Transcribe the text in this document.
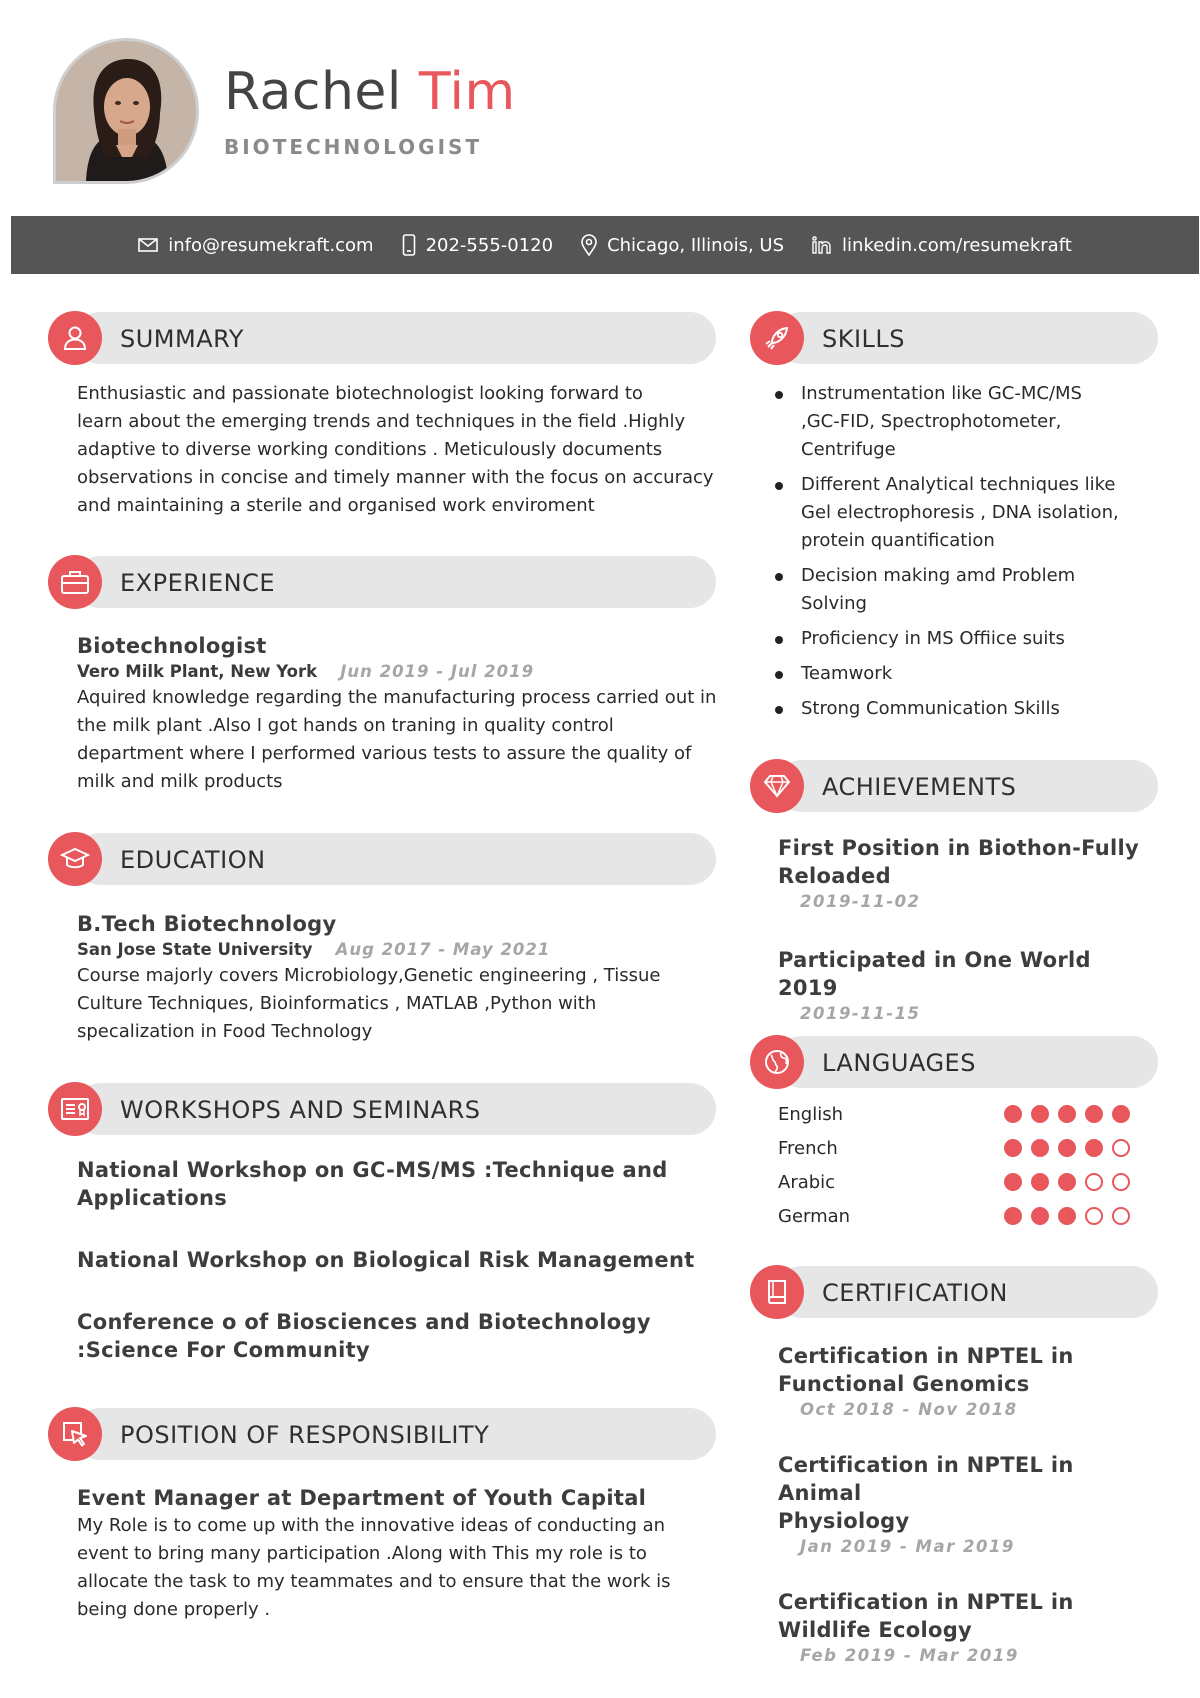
Rachel Tim
BIOTECHNOLOGIST
info@resumekraft.com	202-555-0120	Chicago, Illinois, US	linkedin.com/resumekraft
SUMMARY
Enthusiastic and passionate biotechnologist looking forward to
learn about the emerging trends and techniques in the field .Highly
adaptive to diverse working conditions . Meticulously documents
observations in concise and timely manner with the focus on accuracy
and maintaining a sterile and organised work enviroment
EXPERIENCE
Biotechnologist
Vero Milk Plant, New York Jun 2019 - Jul 2019
Aquired knowledge regarding the manufacturing process carried out in
the milk plant .Also I got hands on traning in quality control
department where I performed various tests to assure the quality of
milk and milk products
EDUCATION
B.Tech Biotechnology
San Jose State University Aug 2017 - May 2021
Course majorly covers Microbiology,Genetic engineering , Tissue
Culture Techniques, Bioinformatics , MATLAB ,Python with
specalization in Food Technology
WORKSHOPS AND SEMINARS
National Workshop on GC-MS/MS :Technique and
Applications
National Workshop on Biological Risk Management
Conference o of Biosciences and Biotechnology
:Science For Community
POSITION OF RESPONSIBILITY
Event Manager at Department of Youth Capital
My Role is to come up with the innovative ideas of conducting an
event to bring many participation .Along with This my role is to
allocate the task to my teammates and to ensure that the work is
being done properly .
SKILLS
Instrumentation like GC-MC/MS
,GC-FID, Spectrophotometer,
Centrifuge
Different Analytical techniques like
Gel electrophoresis , DNA isolation,
protein quantification
Decision making amd Problem
Solving
Proficiency in MS Offiice suits
Teamwork
Strong Communication Skills
ACHIEVEMENTS
First Position in Biothon-Fully
Reloaded
2019-11-02
Participated in One World 2019
2019-11-15
LANGUAGES
English
French
Arabic
German
CERTIFICATION
Certification in NPTEL in
Functional Genomics
Oct 2018 - Nov 2018
Certification in NPTEL in Animal
Physiology
Jan 2019 - Mar 2019
Certification in NPTEL in
Wildlife Ecology
Feb 2019 - Mar 2019
